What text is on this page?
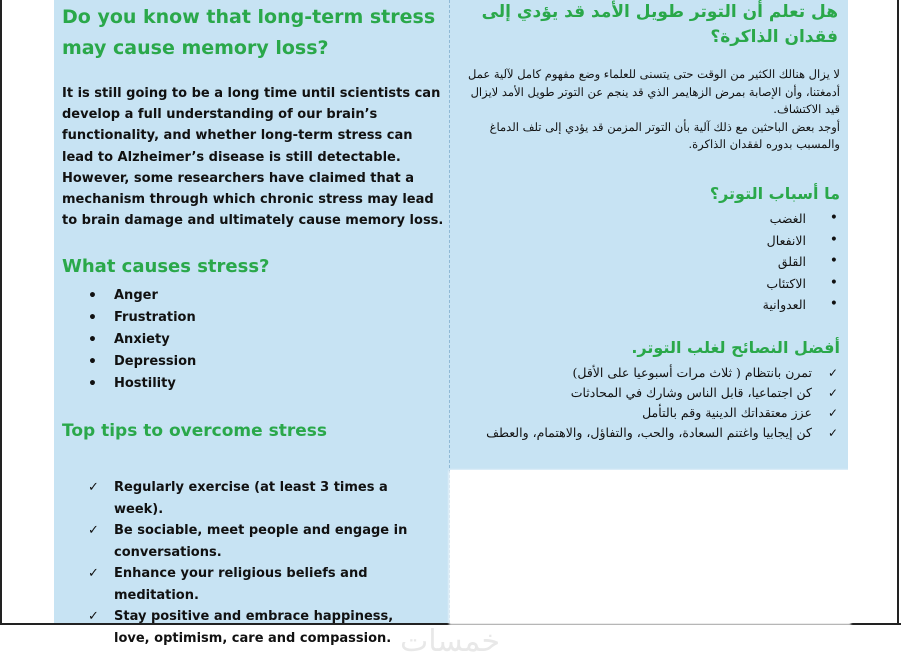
Do you know that long-term stress may cause memory loss?

It is still going to be a long time until scientists can develop a full understanding of our brain’s functionality, and whether long-term stress can lead to Alzheimer’s disease is still detectable.

However, some researchers have claimed that a mechanism through which chronic stress may lead to brain damage and ultimately cause memory loss.

What causes stress?
• Anger
• Frustration
• Anxiety
• Depression
• Hostility
Top tips to overcome stress
✓ Regularly exercise (at least 3 times a week).
✓ Be sociable, meet people and engage in conversations.
✓ Enhance your religious beliefs and meditation.
✓ Stay positive and embrace happiness, love, optimism, care and compassion.
هل تعلم أن التوتر طويل الأمد قد يؤدي إلى فقدان الذاكرة؟

لا يزال هنالك الكثير من الوقت حتى يتسنى للعلماء وضع مفهوم كامل لآلية عمل أدمغتنا، وأن الإصابة بمرض الزهايمر الذي قد ينجم عن التوتر طويل الأمد لايزال قيد الاكتشاف.

أوجد بعض الباحثين مع ذلك آلية بأن التوتر المزمن قد يؤدي إلى تلف الدماغ والمسبب بدوره لفقدان الذاكرة.

ما أسباب التوتر؟
• الغضب
• الانفعال
• القلق
• الاكتئاب
• العدوانية
أفضل النصائح لغلب التوتر.
✓ تمرن بانتظام ( ثلاث مرات أسبوعيا على الأقل)
✓ كن اجتماعيا، قابل الناس وشارك في المحادثات
✓ عزز معتقداتك الدينية وقم بالتأمل
✓ كن إيجابيا واغتنم السعادة، والحب، والتفاؤل، والاهتمام، والعطف
خمسات
